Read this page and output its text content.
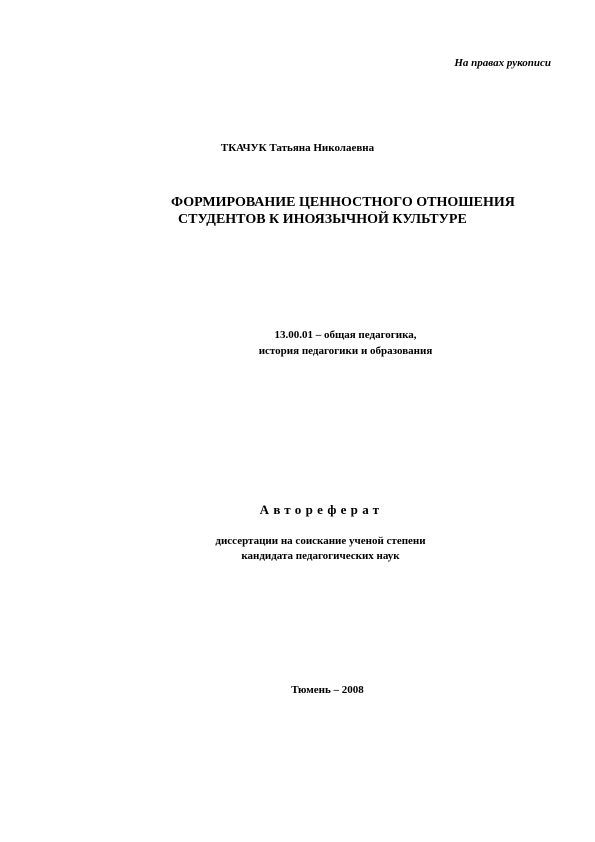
На правах рукописи

ТКАЧУК Татьяна Николаевна

ФОРМИРОВАНИЕ ЦЕННОСТНОГО ОТНОШЕНИЯ

СТУДЕНТОВ К ИНОЯЗЫЧНОЙ КУЛЬТУРЕ

13.00.01 – общая педагогика,

история педагогики и образования

Автореферат

диссертации на соискание ученой степени

кандидата педагогических наук

Тюмень – 2008
